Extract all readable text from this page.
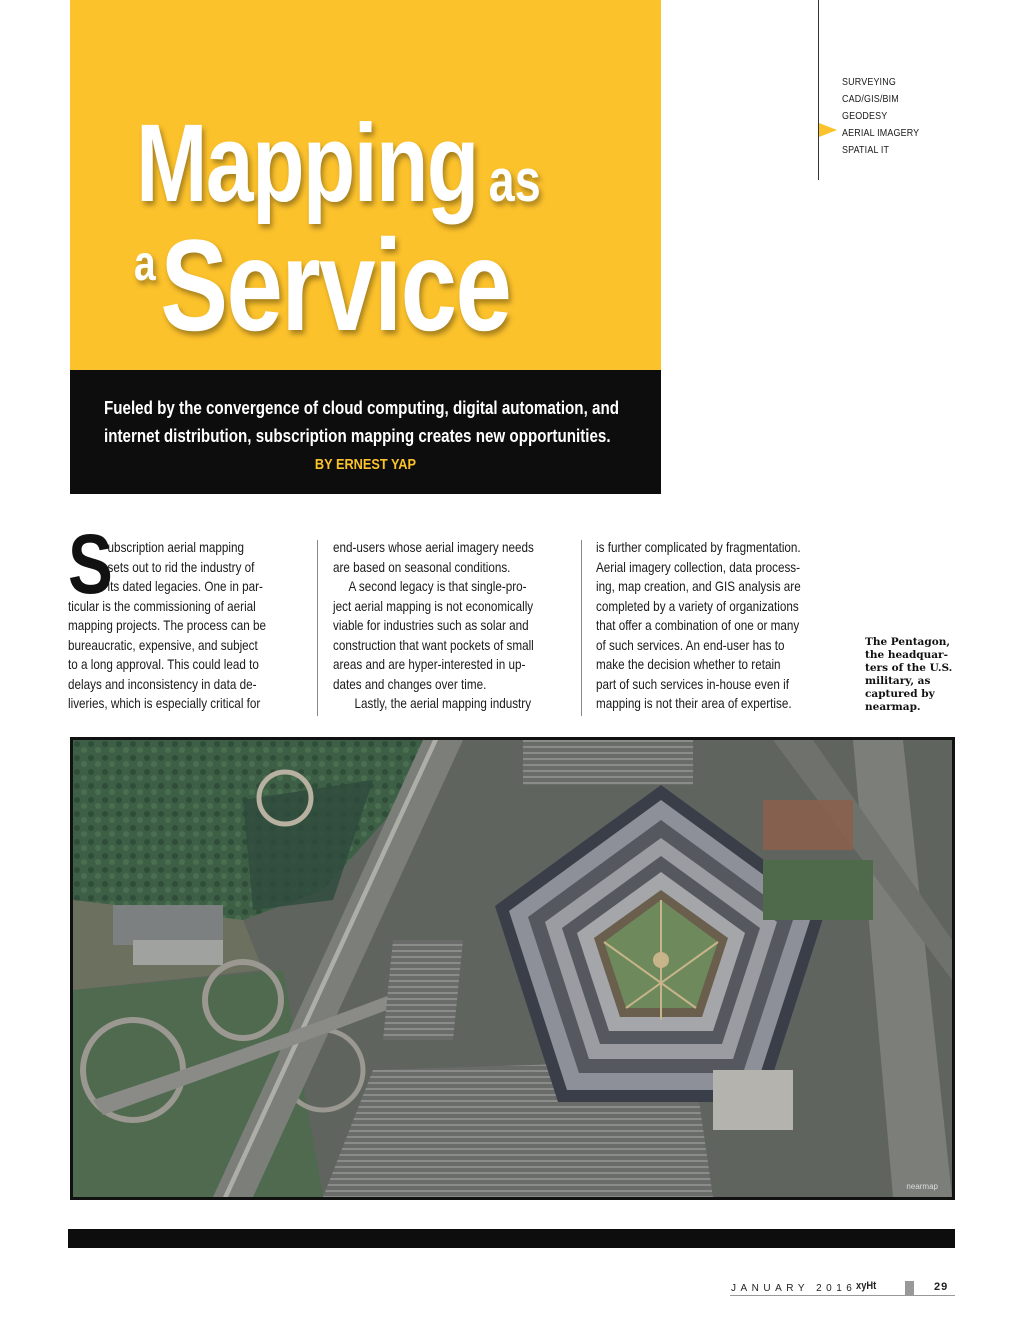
Mapping as
aService
Fueled by the convergence of cloud computing, digital automation, and
internet distribution, subscription mapping creates new opportunities.
BY ERNEST YAP
SURVEYING
CAD/GIS/BIM
GEODESY
AERIAL IMAGERY
SPATIAL IT
S

ubscription aerial mapping

sets out to rid the industry of

its dated legacies. One in par-

ticular is the commissioning of aerial

mapping projects. The process can be

bureaucratic, expensive, and subject

to a long approval. This could lead to

delays and inconsistency in data de-

liveries, which is especially critical for

end-users whose aerial imagery needs

are based on seasonal conditions.

A second legacy is that single-pro-

ject aerial mapping is not economically

viable for industries such as solar and

construction that want pockets of small

areas and are hyper-interested in up-

dates and changes over time.

Lastly, the aerial mapping industry

is further complicated by fragmentation.

Aerial imagery collection, data process-

ing, map creation, and GIS analysis are

completed by a variety of organizations

that offer a combination of one or many

of such services. An end-user has to

make the decision whether to retain

part of such services in-house even if

mapping is not their area of expertise.

The Pentagon,
the headquar-
ters of the U.S.
military, as
captured by
nearmap.
nearmap
JANUARY 2016 xyHt	29
